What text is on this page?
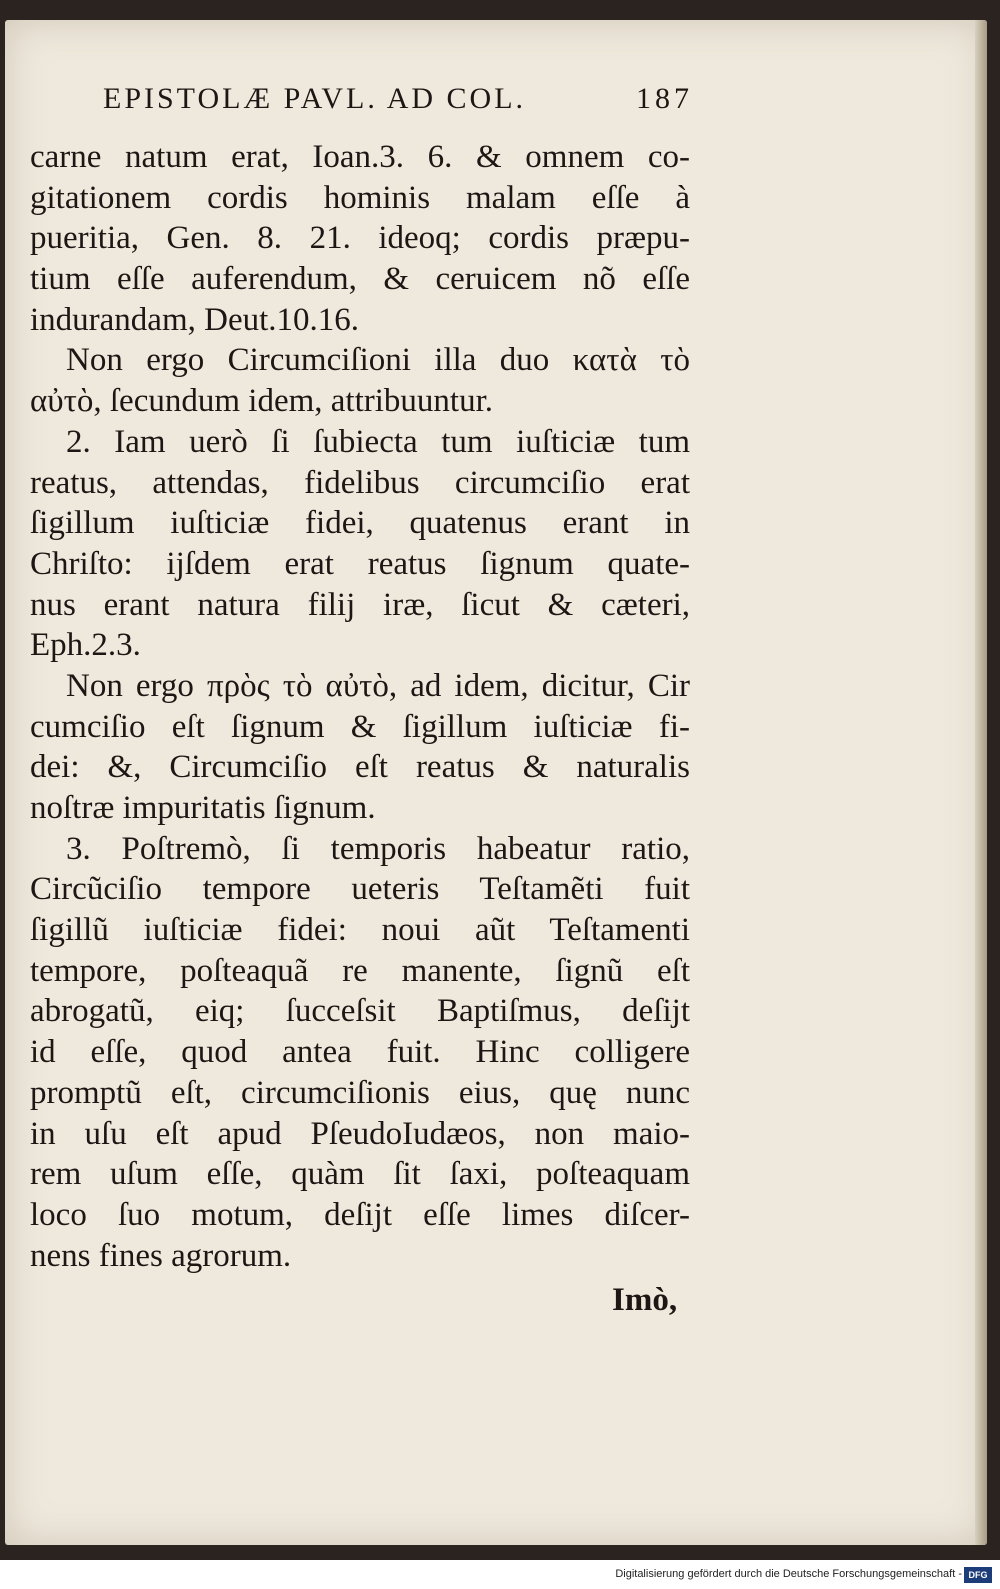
EPISTOLÆ PAVL. AD COL.	187
carne natum erat, Ioan.3. 6. & omnem co-
gitationem cordis hominis malam eſſe à
pueritia, Gen. 8. 21. ideoq; cordis præpu-
tium eſſe auferendum, & ceruicem nõ eſſe
indurandam, Deut.10.16.
Non ergo Circumciſioni illa duo κατὰ τὸ
αὐτὸ, ſecundum idem, attribuuntur.
2. Iam uerò ſi ſubiecta tum iuſticiæ tum
reatus, attendas, fidelibus circumciſio erat
ſigillum iuſticiæ fidei, quatenus erant in
Chriſto: ijſdem erat reatus ſignum quate-
nus erant natura filij iræ, ſicut & cæteri,
Eph.2.3.
Non ergo πρὸς τὸ αὐτὸ, ad idem, dicitur, Cir
cumciſio eſt ſignum & ſigillum iuſticiæ fi-
dei: &, Circumciſio eſt reatus & naturalis
noſtræ impuritatis ſignum.
3. Poſtremò, ſi temporis habeatur ratio,
Circũciſio tempore ueteris Teſtamẽti fuit
ſigillũ iuſticiæ fidei: noui aũt Teſtamenti
tempore, poſteaquã re manente, ſignũ eſt
abrogatũ, eiq; ſucceſsit Baptiſmus, deſijt
id eſſe, quod antea fuit. Hinc colligere
promptũ eſt, circumciſionis eius, quę nunc
in uſu eſt apud PſeudoIudæos, non maio-
rem uſum eſſe, quàm ſit ſaxi, poſteaquam
loco ſuo motum, deſijt eſſe limes diſcer-
nens fines agrorum.
Imò,
Digitalisierung gefördert durch die Deutsche Forschungsgemeinschaft - DFG
